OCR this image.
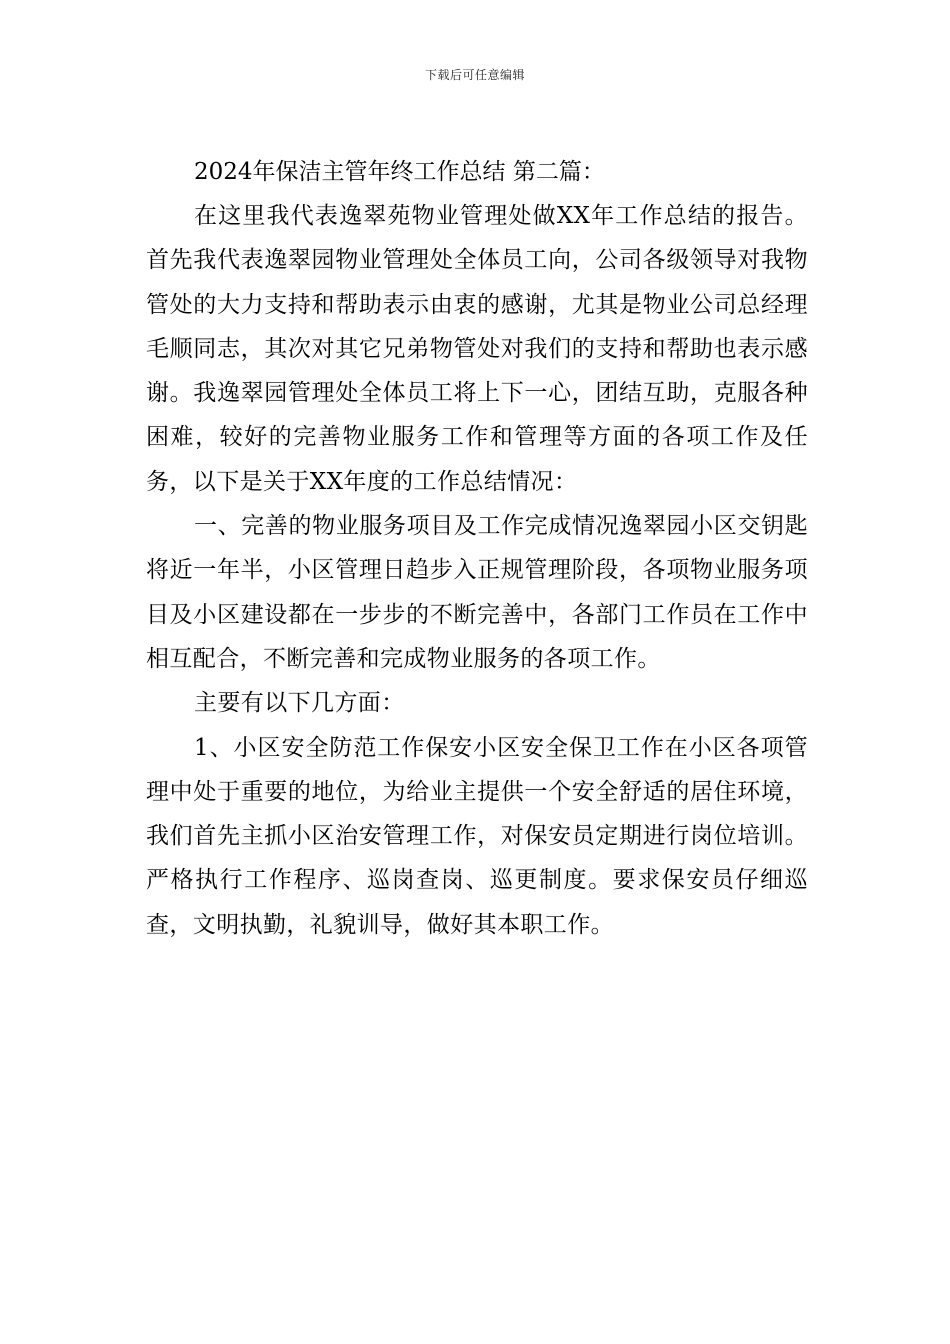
下载后可任意编辑
2024年保洁主管年终工作总结 第二篇：

在这里我代表逸翠苑物业管理处做XX年工作总结的报告。首先我代表逸翠园物业管理处全体员工向，公司各级领导对我物管处的大力支持和帮助表示由衷的感谢，尤其是物业公司总经理毛顺同志，其次对其它兄弟物管处对我们的支持和帮助也表示感谢。我逸翠园管理处全体员工将上下一心，团结互助，克服各种困难，较好的完善物业服务工作和管理等方面的各项工作及任务，以下是关于XX年度的工作总结情况：

一、完善的物业服务项目及工作完成情况逸翠园小区交钥匙将近一年半，小区管理日趋步入正规管理阶段，各项物业服务项目及小区建设都在一步步的不断完善中，各部门工作员在工作中相互配合，不断完善和完成物业服务的各项工作。

主要有以下几方面：

1、小区安全防范工作保安小区安全保卫工作在小区各项管理中处于重要的地位，为给业主提供一个安全舒适的居住环境，我们首先主抓小区治安管理工作，对保安员定期进行岗位培训。严格执行工作程序、巡岗查岗、巡更制度。要求保安员仔细巡查，文明执勤，礼貌训导，做好其本职工作。
